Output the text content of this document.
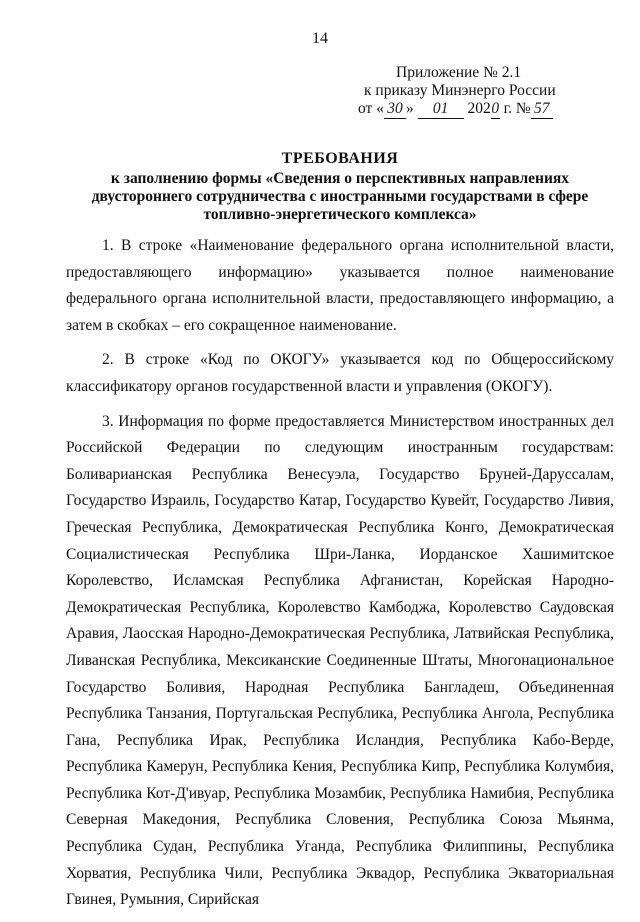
14
Приложение № 2.1
к приказу Минэнерго России
от « 30 » 01 2020 г. № 57
ТРЕБОВАНИЯ
к заполнению формы «Сведения о перспективных направлениях
двустороннего сотрудничества с иностранными государствами в сфере
топливно-энергетического комплекса»

1. В строке «Наименование федерального органа исполнительной власти, предоставляющего информацию» указывается полное наименование федерального органа исполнительной власти, предоставляющего информацию, а затем в скобках – его сокращенное наименование.

2. В строке «Код по ОКОГУ» указывается код по Общероссийскому классификатору органов государственной власти и управления (ОКОГУ).

3. Информация по форме предоставляется Министерством иностранных дел Российской Федерации по следующим иностранным государствам: Боливарианская Республика Венесуэла, Государство Бруней-Даруссалам, Государство Израиль, Государство Катар, Государство Кувейт, Государство Ливия, Греческая Республика, Демократическая Республика Конго, Демократическая Социалистическая Республика Шри-Ланка, Иорданское Хашимитское Королевство, Исламская Республика Афганистан, Корейская Народно-Демократическая Республика, Королевство Камбоджа, Королевство Саудовская Аравия, Лаосская Народно-Демократическая Республика, Латвийская Республика, Ливанская Республика, Мексиканские Соединенные Штаты, Многонациональное Государство Боливия, Народная Республика Бангладеш, Объединенная Республика Танзания, Португальская Республика, Республика Ангола, Республика Гана, Республика Ирак, Республика Исландия, Республика Кабо-Верде, Республика Камерун, Республика Кения, Республика Кипр, Республика Колумбия, Республика Кот-Д'ивуар, Республика Мозамбик, Республика Намибия, Республика Северная Македония, Республика Словения, Республика Союза Мьянма, Республика Судан, Республика Уганда, Республика Филиппины, Республика Хорватия, Республика Чили, Республика Эквадор, Республика Экваториальная Гвинея, Румыния, Сирийская
